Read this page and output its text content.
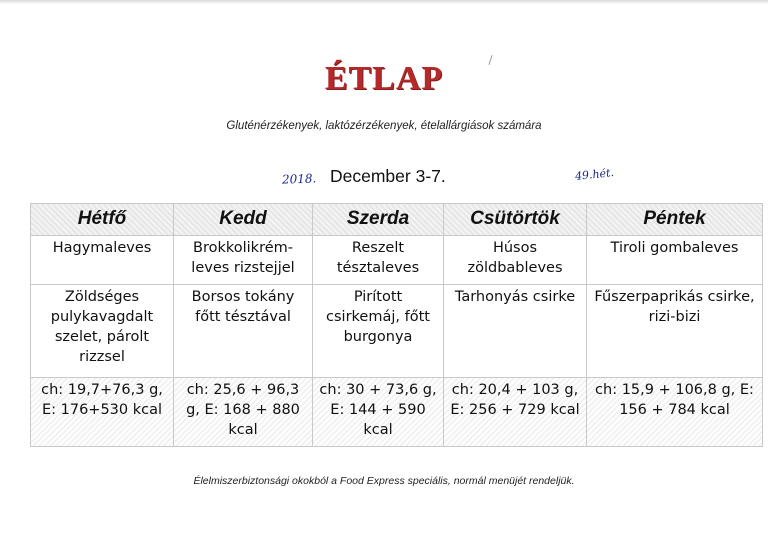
ÉTLAP
Gluténérzékenyek, laktózérzékenyek, ételallárgiások számára
2018. December 3-7.	49.hét.
Hétfő	Kedd	Szerda	Csütörtök	Péntek
Hagymaleves	Brokkolikrém-leves rizstejjel	Reszelt tésztaleves	Húsos zöldbableves	Tiroli gombaleves
Zöldséges pulykavagdalt szelet, párolt rizzsel	Borsos tokány főtt tésztával	Pirított csirkemáj, főtt burgonya	Tarhonyás csirke	Fűszerpaprikás csirke, rizi-bizi
ch: 19,7+76,3 g, E: 176+530 kcal	ch: 25,6 + 96,3 g, E: 168 + 880 kcal	ch: 30 + 73,6 g, E: 144 + 590 kcal	ch: 20,4 + 103 g, E: 256 + 729 kcal	ch: 15,9 + 106,8 g, E: 156 + 784 kcal
Élelmiszerbiztonsági okokból a Food Express speciális, normál menüjét rendeljük.
